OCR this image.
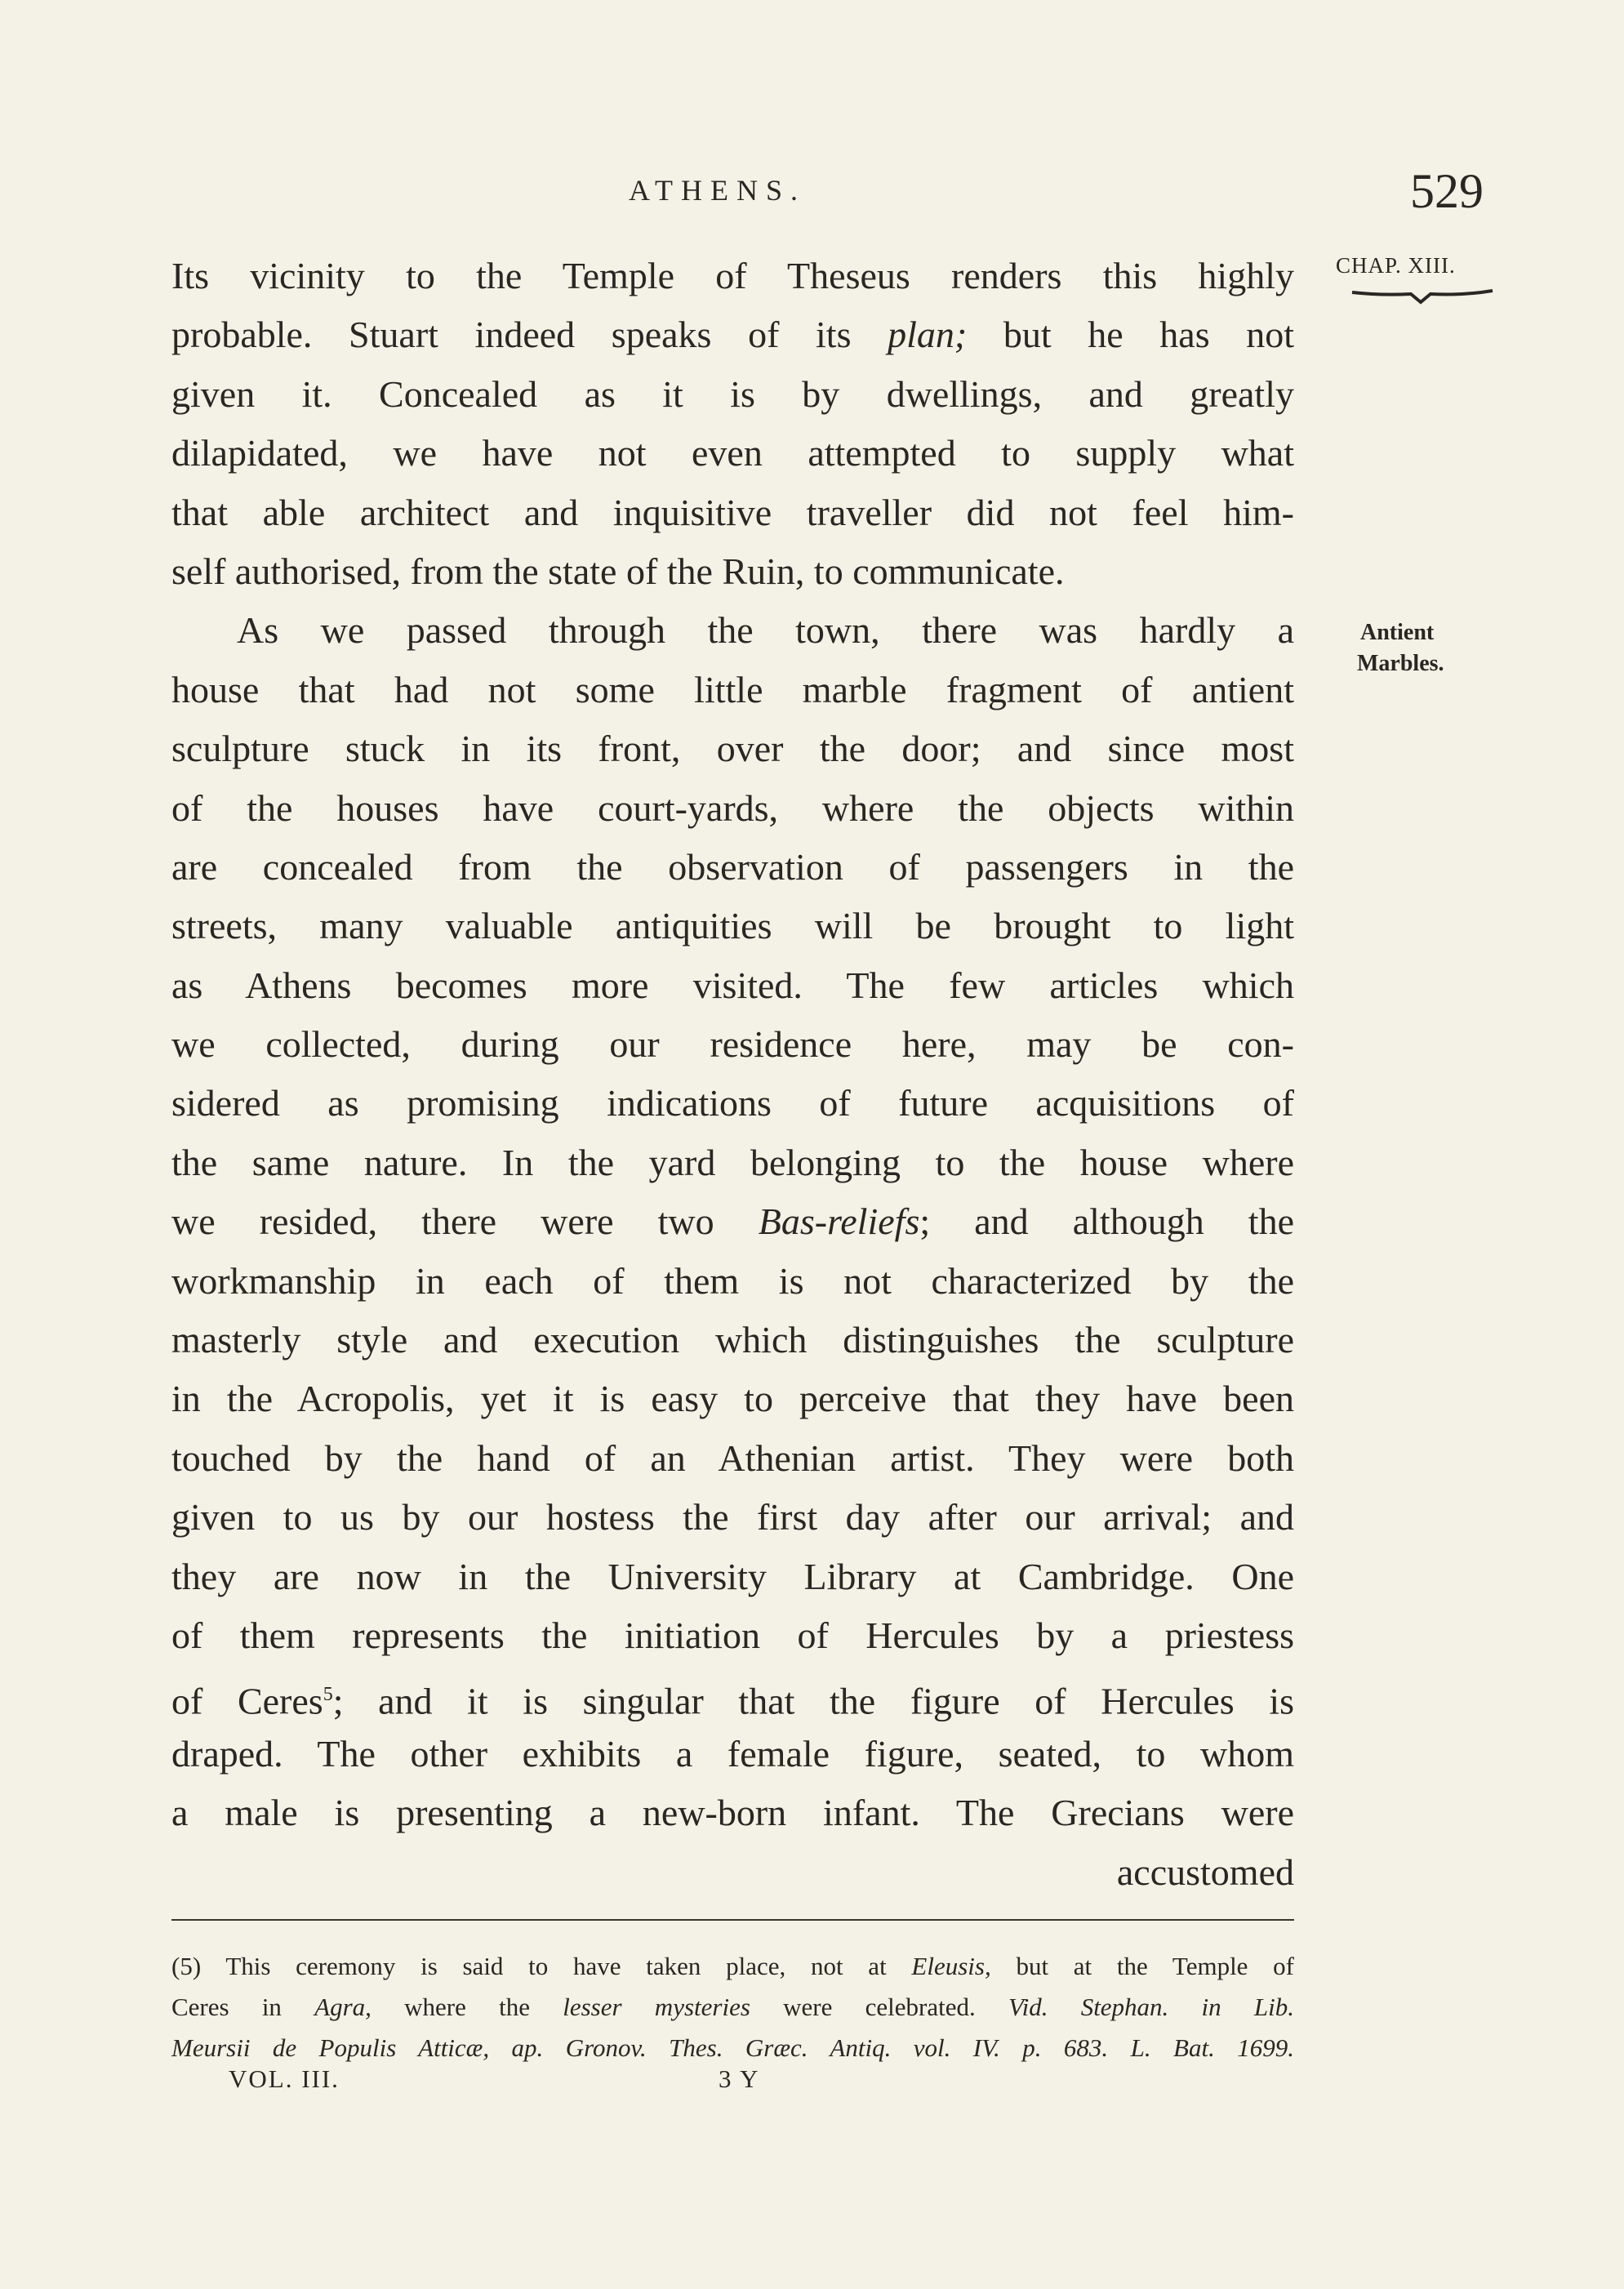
ATHENS.	529
CHAP. XIII.
Antient
Marbles.
Its vicinity to the Temple of Theseus renders this highly
probable. Stuart indeed speaks of its plan; but he has not
given it. Concealed as it is by dwellings, and greatly
dilapidated, we have not even attempted to supply what
that able architect and inquisitive traveller did not feel him-
self authorised, from the state of the Ruin, to communicate.
As we passed through the town, there was hardly a
house that had not some little marble fragment of antient
sculpture stuck in its front, over the door; and since most
of the houses have court-yards, where the objects within
are concealed from the observation of passengers in the
streets, many valuable antiquities will be brought to light
as Athens becomes more visited. The few articles which
we collected, during our residence here, may be con-
sidered as promising indications of future acquisitions of
the same nature. In the yard belonging to the house where
we resided, there were two Bas-reliefs; and although the
workmanship in each of them is not characterized by the
masterly style and execution which distinguishes the sculpture
in the Acropolis, yet it is easy to perceive that they have been
touched by the hand of an Athenian artist. They were both
given to us by our hostess the first day after our arrival; and
they are now in the University Library at Cambridge. One
of them represents the initiation of Hercules by a priestess
of Ceres$^5$; and it is singular that the figure of Hercules is
draped. The other exhibits a female figure, seated, to whom
a male is presenting a new-born infant. The Grecians were
accustomed
(5) This ceremony is said to have taken place, not at Eleusis, but at the Temple of
Ceres in Agra, where the lesser mysteries were celebrated. Vid. Stephan. in Lib.
Meursii de Populis Atticæ, ap. Gronov. Thes. Græc. Antiq. vol. IV. p. 683. L. Bat. 1699.
VOL. III.	3 Y
